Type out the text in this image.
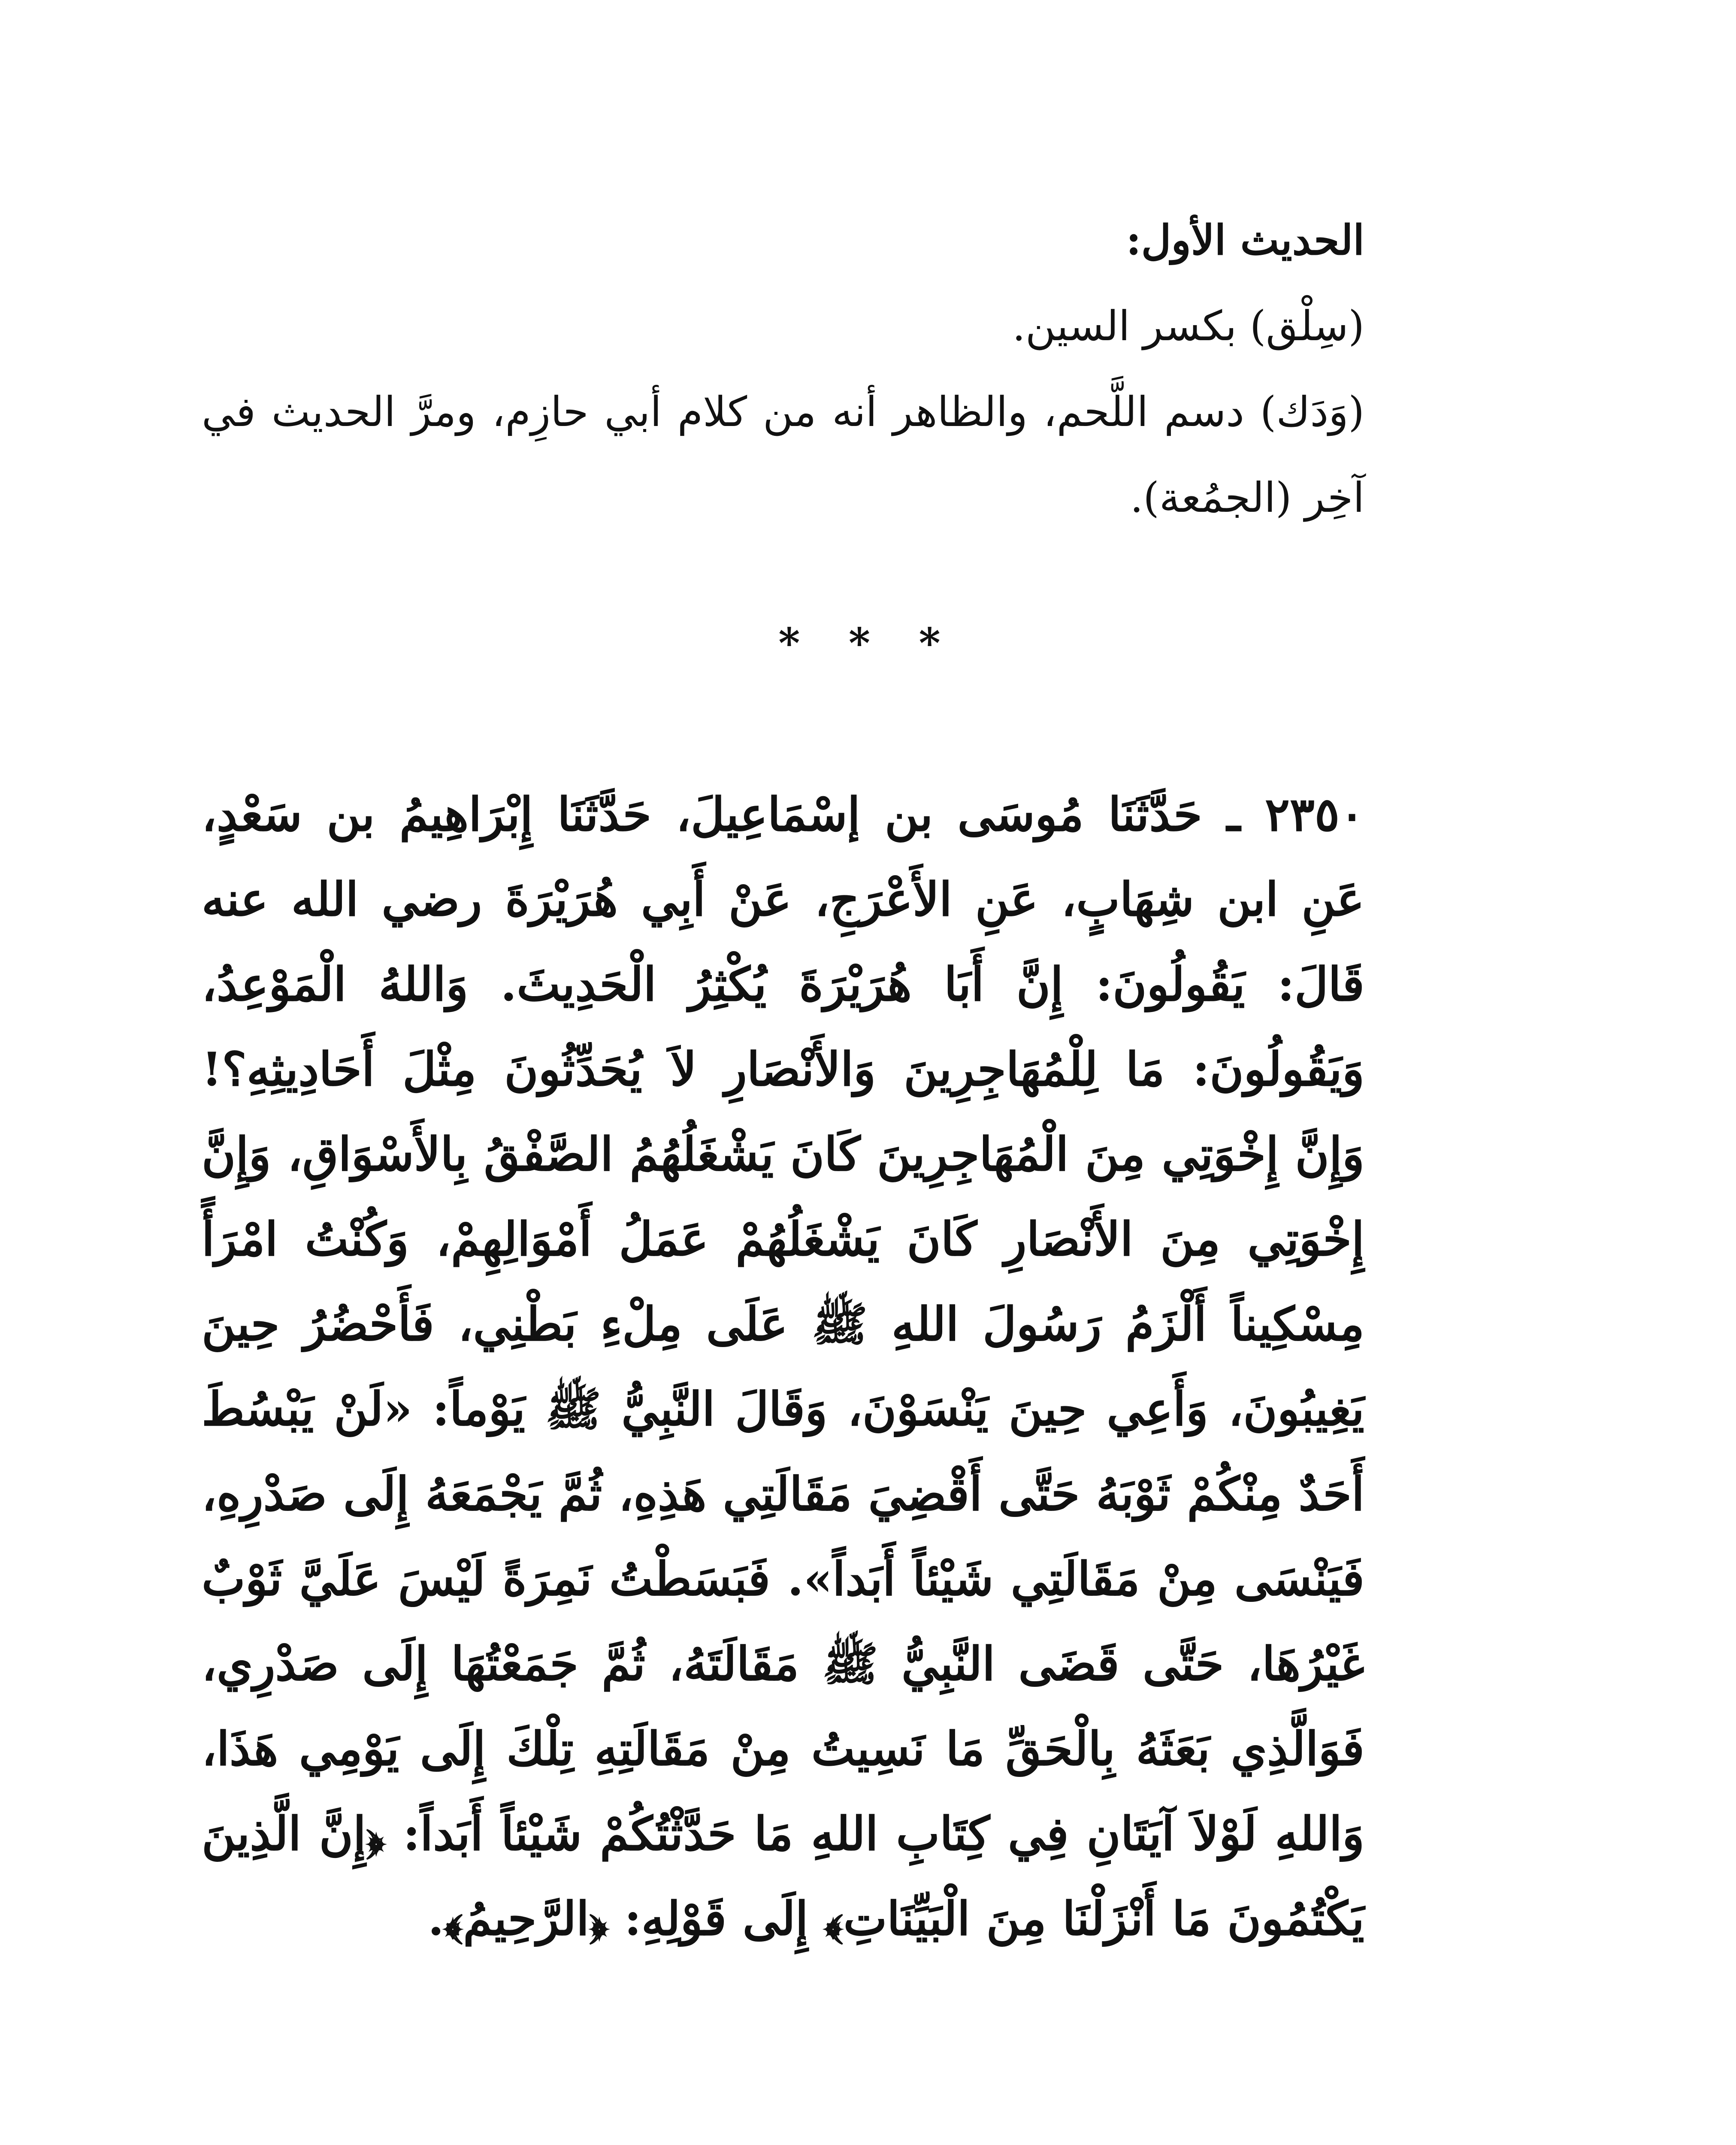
الحديث الأول:

(سِلْق) بكسر السين.

(وَدَك) دسم اللَّحم، والظاهر أنه من كلام أبي حازِم، ومرَّ الحديث في آخِر (الجمُعة).

* * *

٢٣٥٠ ـ حَدَّثَنَا مُوسَى بن إسْمَاعِيلَ، حَدَّثَنَا إِبْرَاهِيمُ بن سَعْدٍ، عَنِ ابن شِهَابٍ، عَنِ الأَعْرَجِ، عَنْ أَبِي هُرَيْرَةَ رضي الله عنه قَالَ: يَقُولُونَ: إِنَّ أَبَا هُرَيْرَةَ يُكْثِرُ الْحَدِيثَ. وَاللهُ الْمَوْعِدُ، وَيَقُولُونَ: مَا لِلْمُهَاجِرِينَ وَالأَنْصَارِ لاَ يُحَدِّثُونَ مِثْلَ أَحَادِيثِهِ؟! وَإِنَّ إِخْوَتِي مِنَ الْمُهَاجِرِينَ كَانَ يَشْغَلُهُمُ الصَّفْقُ بِالأَسْوَاقِ، وَإِنَّ إِخْوَتِي مِنَ الأَنْصَارِ كَانَ يَشْغَلُهُمْ عَمَلُ أَمْوَالِهِمْ، وَكُنْتُ امْرَأً مِسْكِيناً أَلْزَمُ رَسُولَ اللهِ ﷺ عَلَى مِلْءِ بَطْنِي، فَأَحْضُرُ حِينَ يَغِيبُونَ، وَأَعِي حِينَ يَنْسَوْنَ، وَقَالَ النَّبِيُّ ﷺ يَوْماً: «لَنْ يَبْسُطَ أَحَدٌ مِنْكُمْ ثَوْبَهُ حَتَّى أَقْضِيَ مَقَالَتِي هَذِهِ، ثُمَّ يَجْمَعَهُ إِلَى صَدْرِهِ، فَيَنْسَى مِنْ مَقَالَتِي شَيْئاً أَبَداً». فَبَسَطْتُ نَمِرَةً لَيْسَ عَلَيَّ ثَوْبٌ غَيْرُهَا، حَتَّى قَضَى النَّبِيُّ ﷺ مَقَالَتَهُ، ثُمَّ جَمَعْتُهَا إِلَى صَدْرِي، فَوَالَّذِي بَعَثَهُ بِالْحَقِّ مَا نَسِيتُ مِنْ مَقَالَتِهِ تِلْكَ إِلَى يَوْمِي هَذَا، وَاللهِ لَوْلاَ آيَتَانِ فِي كِتَابِ اللهِ مَا حَدَّثْتُكُمْ شَيْئاً أَبَداً: ﴿إِنَّ الَّذِينَ يَكْتُمُونَ مَا أَنْزَلْنَا مِنَ الْبَيِّنَاتِ﴾ إِلَى قَوْلِهِ: ﴿الرَّحِيمُ﴾.
